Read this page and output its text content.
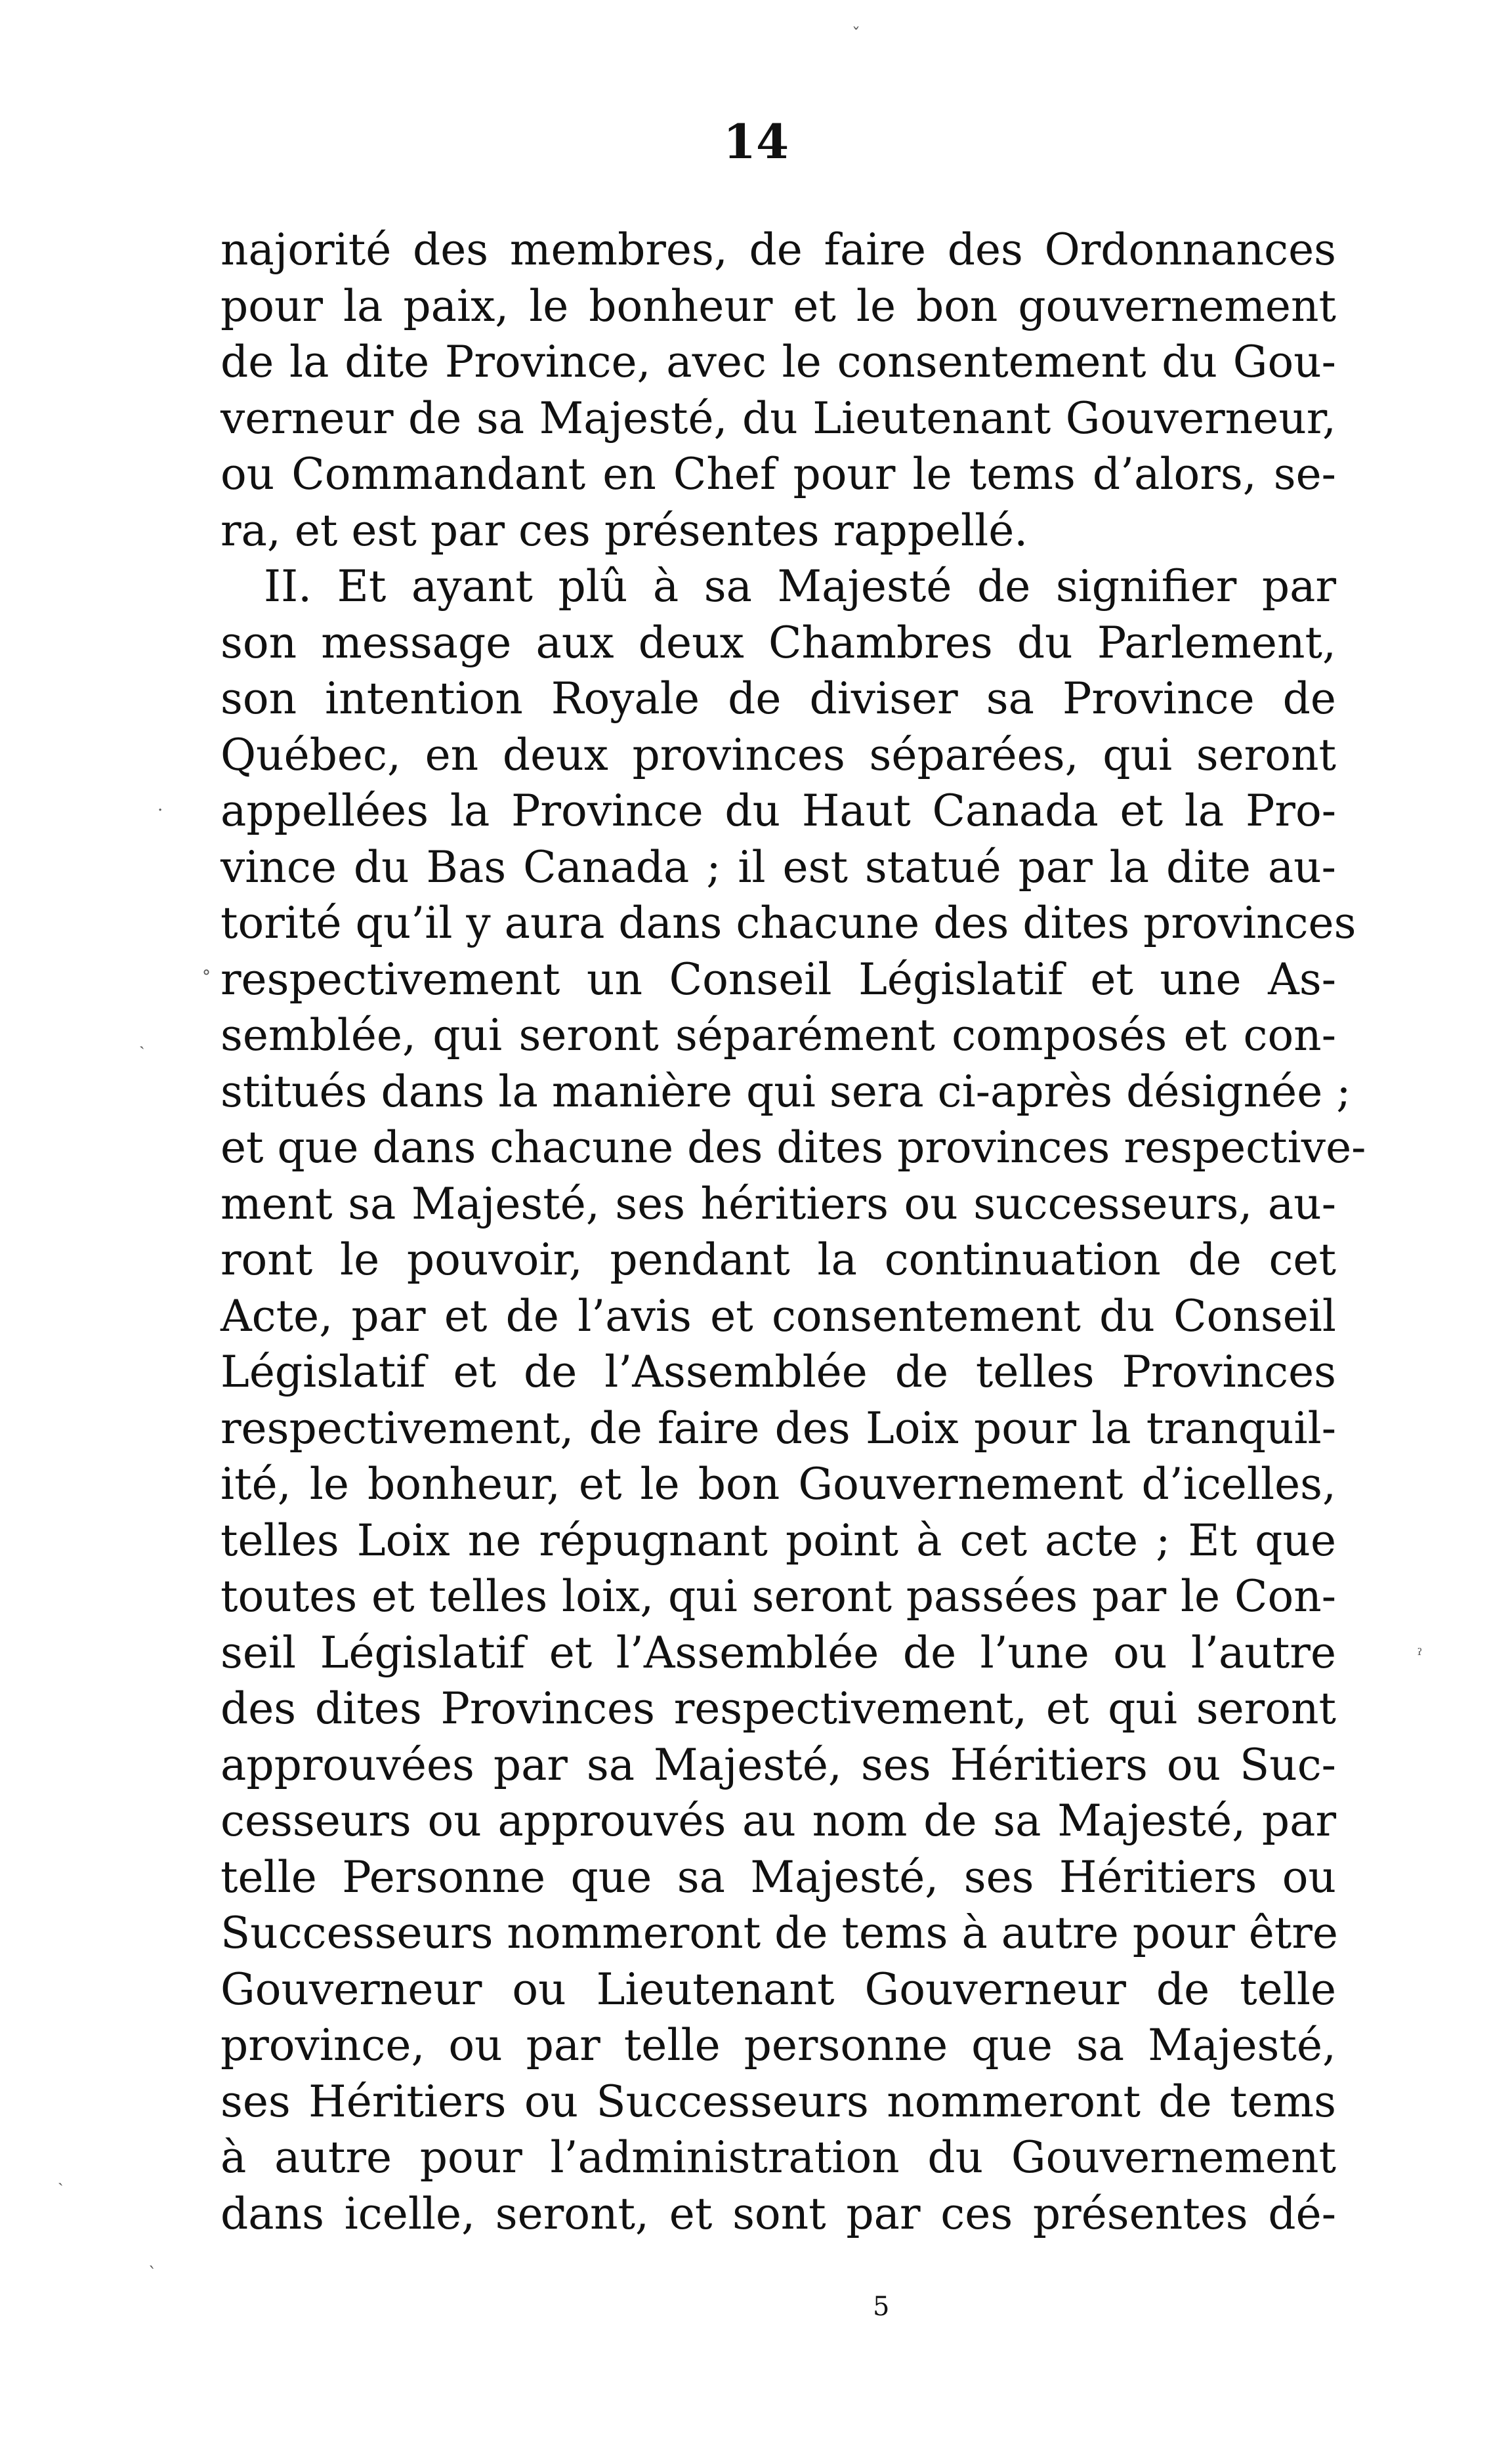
14
najorité des membres, de faire des Ordonnances
pour la paix, le bonheur et le bon gouvernement
de la dite Province, avec le consentement du Gou-
verneur de sa Majesté, du Lieutenant Gouverneur,
ou Commandant en Chef pour le tems d’alors, se-
ra, et est par ces présentes rappellé.
II. Et ayant plû à sa Majesté de signifier par
son message aux deux Chambres du Parlement,
son intention Royale de diviser sa Province de
Québec, en deux provinces séparées, qui seront
appellées la Province du Haut Canada et la Pro-
vince du Bas Canada ; il est statué par la dite au-
torité qu’il y aura dans chacune des dites provinces
respectivement un Conseil Législatif et une As-
semblée, qui seront séparément composés et con-
stitués dans la manière qui sera ci-après désignée ;
et que dans chacune des dites provinces respective-
ment sa Majesté, ses héritiers ou successeurs, au-
ront le pouvoir, pendant la continuation de cet
Acte, par et de l’avis et consentement du Conseil
Législatif et de l’Assemblée de telles Provinces
respectivement, de faire des Loix pour la tranquil-
ité, le bonheur, et le bon Gouvernement d’icelles,
telles Loix ne répugnant point à cet acte ; Et que
toutes et telles loix, qui seront passées par le Con-
seil Législatif et l’Assemblée de l’une ou l’autre
des dites Provinces respectivement, et qui seront
approuvées par sa Majesté, ses Héritiers ou Suc-
cesseurs ou approuvés au nom de sa Majesté, par
telle Personne que sa Majesté, ses Héritiers ou
Successeurs nommeront de tems à autre pour être
Gouverneur ou Lieutenant Gouverneur de telle
province, ou par telle personne que sa Majesté,
ses Héritiers ou Successeurs nommeront de tems
à autre pour l’administration du Gouvernement
dans icelle, seront, et sont par ces présentes dé-
5
ˇ
·
°
ˏ
ˀ
ˎ
ˋ
